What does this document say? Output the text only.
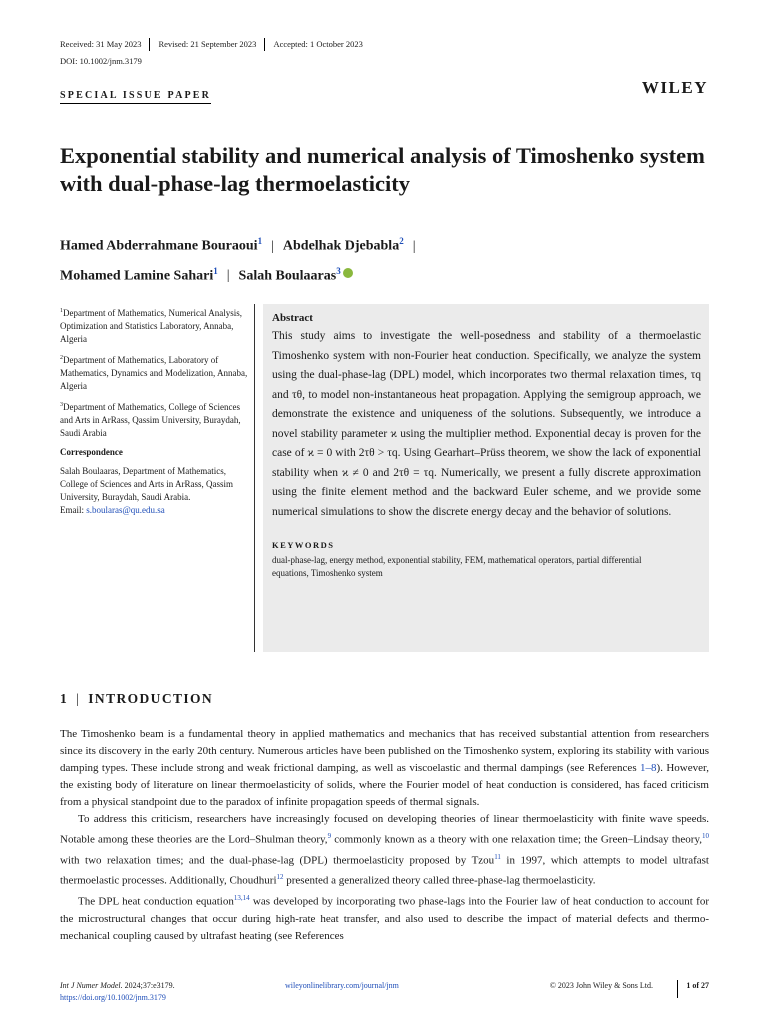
Received: 31 May 2023	Revised: 21 September 2023	Accepted: 1 October 2023
DOI: 10.1002/jnm.3179
WILEY
SPECIAL ISSUE PAPER
Exponential stability and numerical analysis of Timoshenko system with dual-phase-lag thermoelasticity
Hamed Abderrahmane Bouraoui$^1$ | Abdelhak Djebabla$^2$ |
Mohamed Lamine Sahari$^1$ | Salah Boulaaras$^3$

$^1$Department of Mathematics, Numerical Analysis, Optimization and Statistics Laboratory, Annaba, Algeria

$^2$Department of Mathematics, Laboratory of Mathematics, Dynamics and Modelization, Annaba, Algeria

$^3$Department of Mathematics, College of Sciences and Arts in ArRass, Qassim University, Buraydah, Saudi Arabia

Correspondence

Salah Boulaaras, Department of Mathematics, College of Sciences and Arts in ArRass, Qassim University, Buraydah, Saudi Arabia.
Email: s.boularas@qu.edu.sa

Abstract
This study aims to investigate the well-posedness and stability of a thermoelastic Timoshenko system with non-Fourier heat conduction. Specifically, we analyze the system using the dual-phase-lag (DPL) model, which incorporates two thermal relaxation times, τq and τθ, to model non-instantaneous heat propagation. Applying the semigroup approach, we demonstrate the existence and uniqueness of the solutions. Subsequently, we introduce a novel stability parameter ϰ using the multiplier method. Exponential decay is proven for the case of ϰ = 0 with 2τθ > τq. Using Gearhart–Prüss theorem, we show the lack of exponential stability when ϰ ≠ 0 and 2τθ = τq. Numerically, we present a fully discrete approximation using the finite element method and the backward Euler scheme, and we provide some numerical simulations to show the discrete energy decay and the behavior of solutions.
KEYWORDS
dual-phase-lag, energy method, exponential stability, FEM, mathematical operators, partial differential equations, Timoshenko system
1 | INTRODUCTION

The Timoshenko beam is a fundamental theory in applied mathematics and mechanics that has received substantial attention from researchers since its discovery in the early 20th century. Numerous articles have been published on the Timoshenko system, exploring its stability with various damping types. These include strong and weak frictional damping, as well as viscoelastic and thermal dampings (see References 1–8). However, the existing body of literature on linear thermoelasticity of solids, where the Fourier model of heat conduction is considered, has faced criticism from a physical standpoint due to the paradox of infinite propagation speeds of thermal signals.

To address this criticism, researchers have increasingly focused on developing theories of linear thermoelasticity with finite wave speeds. Notable among these theories are the Lord–Shulman theory,$^9$ commonly known as a theory with one relaxation time; the Green–Lindsay theory,$^{10}$ with two relaxation times; and the dual-phase-lag (DPL) thermoelasticity proposed by Tzou$^{11}$ in 1997, which attempts to model ultrafast thermoelastic processes. Additionally, Choudhuri$^{12}$ presented a generalized theory called three-phase-lag thermoelasticity.

The DPL heat conduction equation$^{13,14}$ was developed by incorporating two phase-lags into the Fourier law of heat conduction to account for the microstructural changes that occur during high-rate heat transfer, and also used to describe the impact of material defects and thermo-mechanical coupling caused by ultrafast heating (see References

Int J Numer Model. 2024;37:e3179.
https://doi.org/10.1002/jnm.3179
wileyonlinelibrary.com/journal/jnm	© 2023 John Wiley & Sons Ltd.	1 of 27
